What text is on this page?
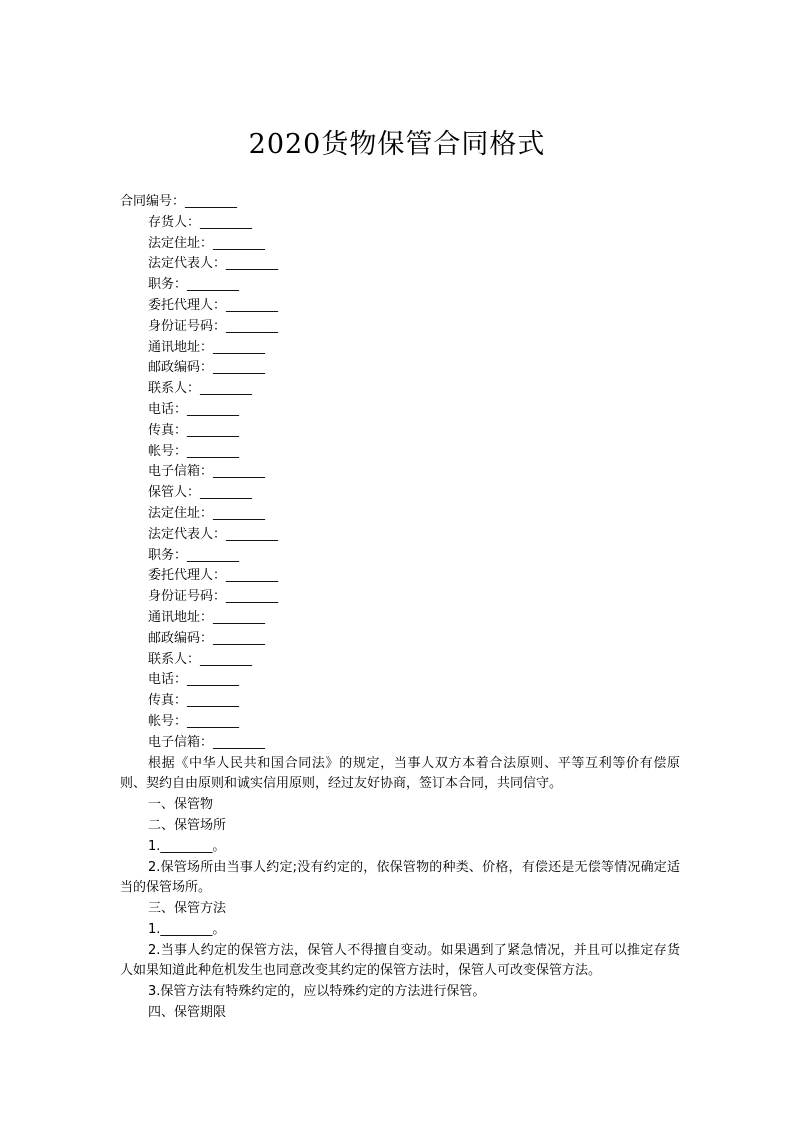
2020货物保管合同格式
合同编号：________
存货人：________
法定住址：________
法定代表人：________
职务：________
委托代理人：________
身份证号码：________
通讯地址：________
邮政编码：________
联系人：________
电话：________
传真：________
帐号：________
电子信箱：________
保管人：________
法定住址：________
法定代表人：________
职务：________
委托代理人：________
身份证号码：________
通讯地址：________
邮政编码：________
联系人：________
电话：________
传真：________
帐号：________
电子信箱：________
根据《中华人民共和国合同法》的规定，当事人双方本着合法原则、平等互利等价有偿原则、契约自由原则和诚实信用原则，经过友好协商，签订本合同，共同信守。
一、保管物
二、保管场所
1.________。
2.保管场所由当事人约定;没有约定的，依保管物的种类、价格，有偿还是无偿等情况确定适当的保管场所。
三、保管方法
1.________。
2.当事人约定的保管方法，保管人不得擅自变动。如果遇到了紧急情况，并且可以推定存货人如果知道此种危机发生也同意改变其约定的保管方法时，保管人可改变保管方法。
3.保管方法有特殊约定的，应以特殊约定的方法进行保管。
四、保管期限
